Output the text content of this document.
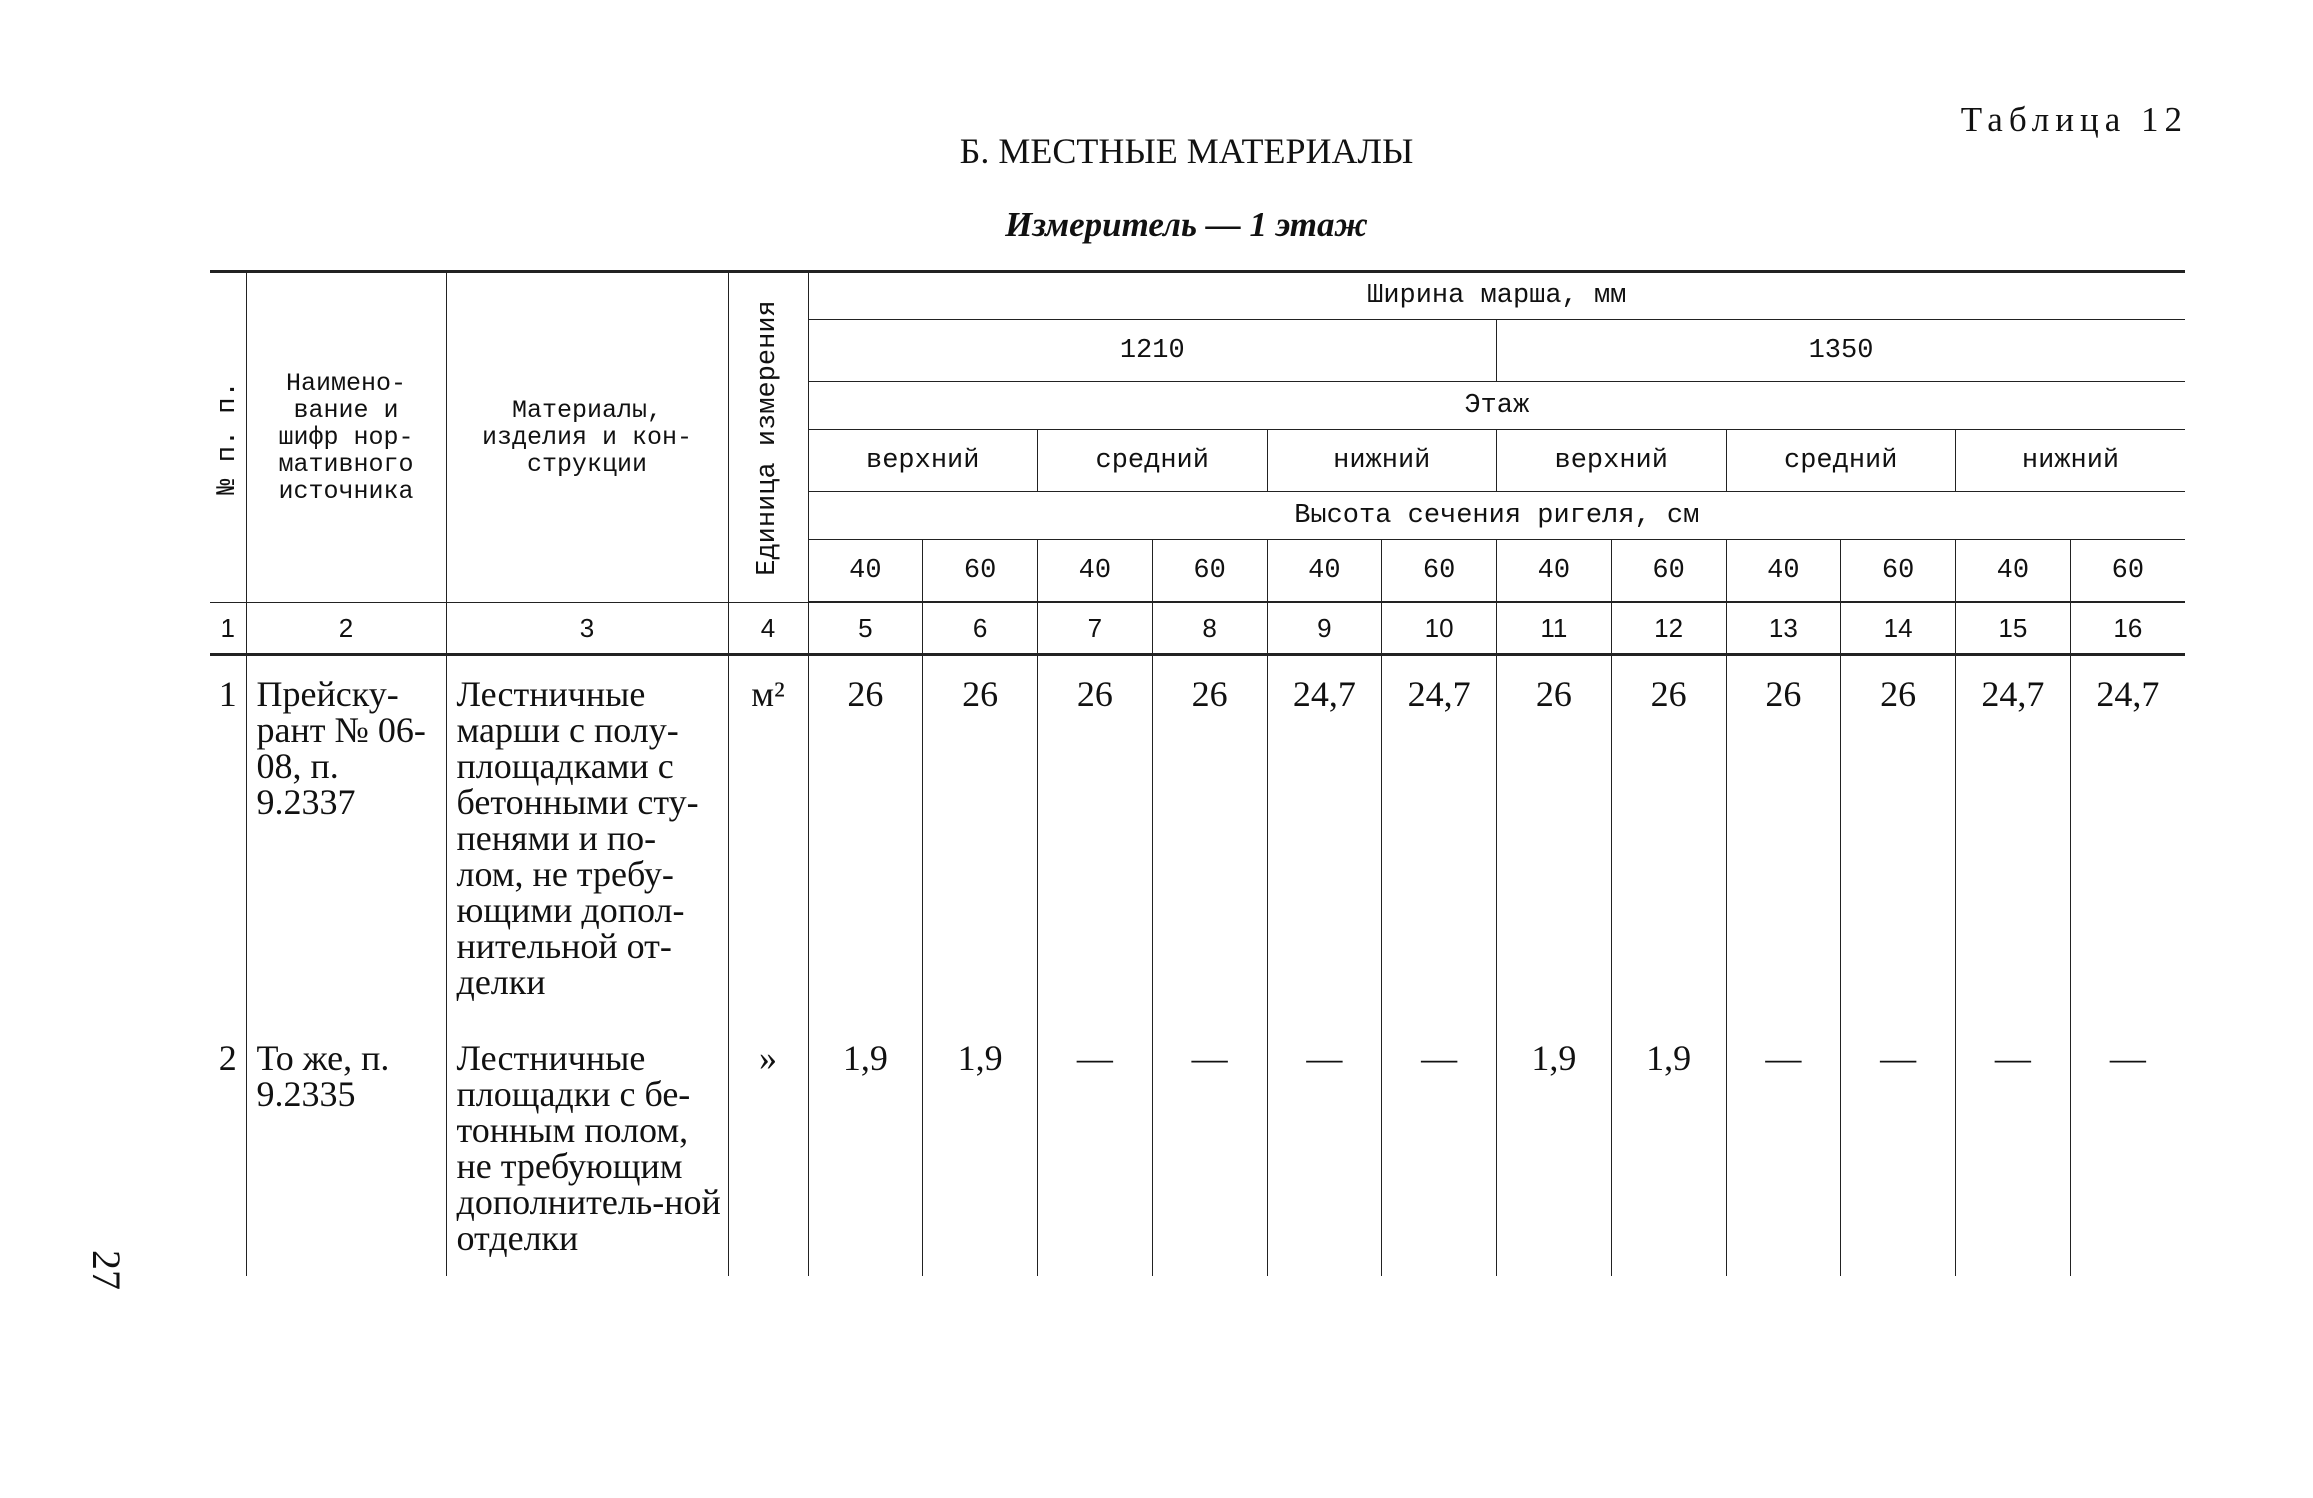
Таблица 12
Б. МЕСТНЫЕ МАТЕРИАЛЫ
Измеритель — 1 этаж
27
№ п. п.	Наимено-вание и шифр нор-мативного источника	Материалы, изделия и кон-струкции	Единица измерения	Ширина марша, мм											
				1210						1350					
				Этаж											
				верхний		средний		нижний		верхний		средний		нижний	
				Высота сечения ригеля, см											
				40	60	40	60	40	60	40	60	40	60	40	60

1	2	3	4	5	6	7	8	9	10	11	12	13	14	15	16
1	Прейску-рант № 06-08, п. 9.2337	Лестничные марши с полу-площадками с бетонными сту-пенями и по-лом, не требу-ющими допол-нительной от-делки	м²	26	26	26	26	24,7	24,7	26	26	26	26	24,7	24,7
2	То же, п. 9.2335	Лестничные площадки с бе-тонным полом, не требующим дополнитель-ной отделки	»	1,9	1,9	—	—	—	—	1,9	1,9	—	—	—	—
